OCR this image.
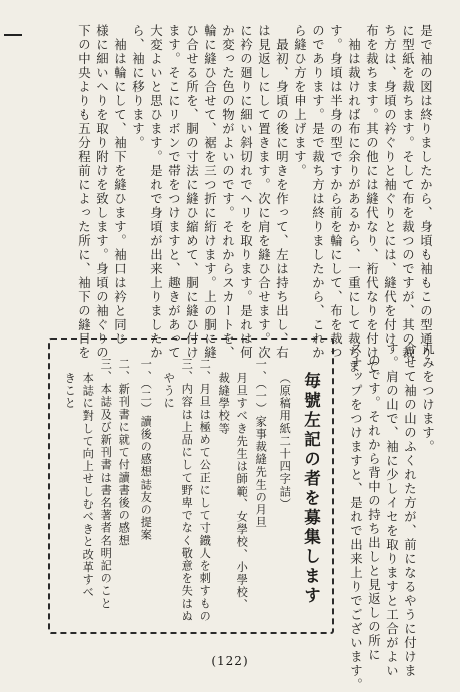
是で袖の図は終りましたから、身頃も袖もこの型通り
に型紙を裁ちます。そして布を裁つのですが、其の裁
ち方は、身頃の衿ぐりと袖ぐりとには、縫代を付け
布を裁ちます。其の他には縫代なり、裄代なりを付けて
　袖は裁ければ布に余りがあるから、一重にして裁ちま
す。身頃は半身の型ですから前を輪にして、布を裁つ
のであります。是で裁ち方は終りましたから、これか
ら縫ひ方を申上げます。
　最初、身頃の後に明きを作って、左は持ち出し、右
は見返しにして置きます。次に肩を縫ひ合せます。次
に衿の廻りに細い斜切れでヘリを取ります。是れは何
か変った色の物がよいのです。それからスカートを、
輪に縫ひ合せて、裾を三つ折に絎けます。上の胴に縫
ひ合せる所を、胴の寸法に縫ひ縮めて、胴に縫ひ付け
ます。そこにリボンで帯をつけますと、趣きがあって
大変よいと思ひます。是れで身頃が出来上りましたか
ら、袖に移ります。
　袖は輪にして、袖下を縫ひます。袖口は衿と同じ
様に細いへりを取り附けを致します。身頃の袖ぐりの
下の中央よりも五分程前によった所に、袖下の縫目を
丸みをつけます。
合せて袖の山のふくれた方が、前になるやうに付けま
す。肩の山で、袖に少しイセを取りますと工合がよい
のです。それから背中の持ち出しと見返しの所に
スナップをつけますと、是れで出来上りでございます。
毎號左記の者を募集します
（原稿用紙二十四字詰）
一、（一）家事裁縫先生の月旦
月旦すべき先生は師範、女學校、小學校、
裁縫學校等
二、月旦は極めて公正にして寸鐡人を刺すもの
三、内容は上品にして野卑でなく敬意を失はぬ
やうに
一、（二）讀後の感想誌友の提案
二、新刊書に就て付讀書後の感想
三、本誌及び新刊書は書名著者名明記のこと
本誌に對して向上せしむべきと改革すべ
きこと
(122)
